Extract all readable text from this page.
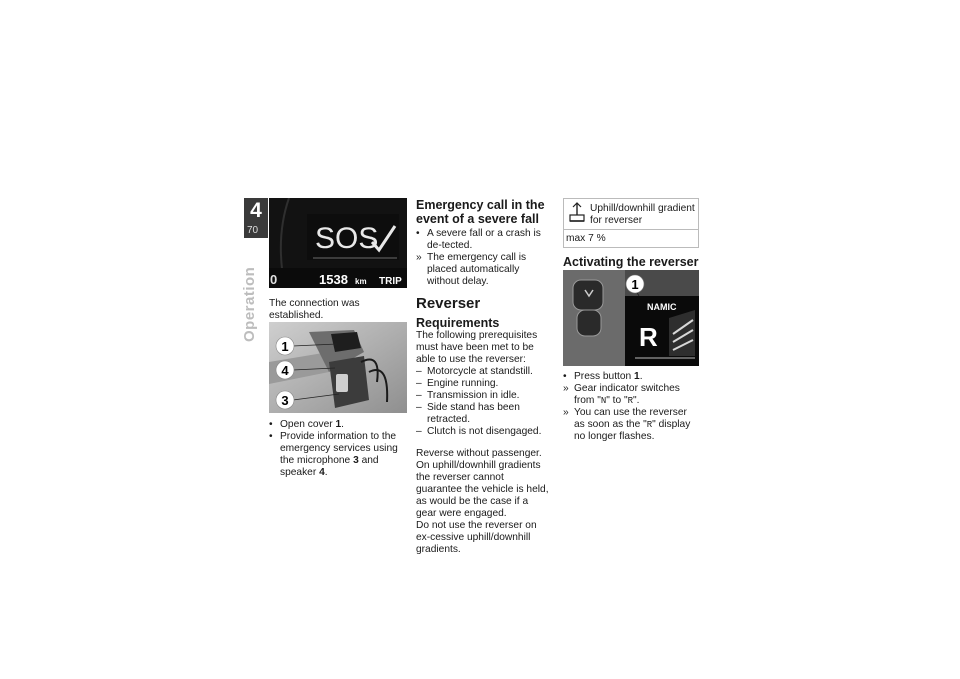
4
70
Operation
SOS
0	1538 km TRIP
The connection was established.
1
4
3
• Open cover 1.
• Provide information to the emergency services using the microphone 3 and speaker 4.
Emergency call in the event of a severe fall
• A severe fall or a crash is de-tected.
» The emergency call is placed automatically without delay.
Reverser
Requirements

The following prerequisites must have been met to be able to use the reverser:

– Motorcycle at standstill.
– Engine running.
– Transmission in idle.
– Side stand has been retracted.
– Clutch is not disengaged.

Reverse without passenger.

On uphill/downhill gradients the reverser cannot guarantee the vehicle is held, as would be the case if a gear were engaged.

Do not use the reverser on ex-cessive uphill/downhill gradients.

Uphill/downhill gradient for reverser
max 7 %
Activating the reverser
NAMIC
R
1
• Press button 1.
» Gear indicator switches from "N" to "R".
» You can use the reverser as soon as the "R" display no longer flashes.
